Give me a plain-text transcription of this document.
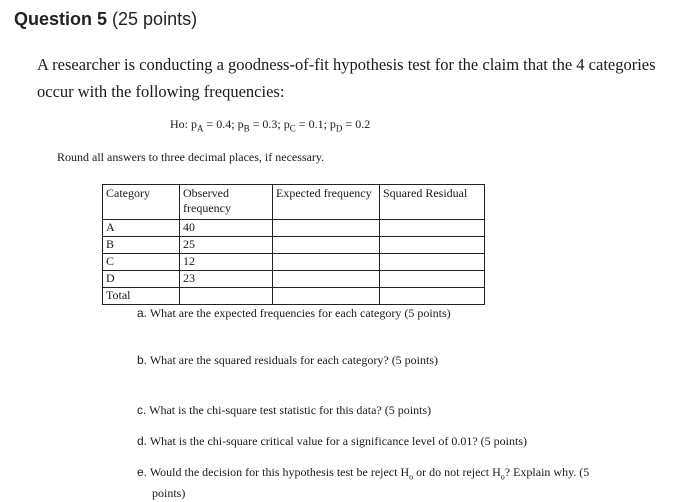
Question 5 (25 points)
A researcher is conducting a goodness-of-fit hypothesis test for the claim that the 4 categories occur with the following frequencies:
Ho: $p_A = 0.4$; $p_B = 0.3$; $p_C = 0.1$; $p_D = 0.2$
Round all answers to three decimal places, if necessary.
Category	Observed frequency	Expected frequency	Squared Residual
A	40		
B	25		
C	12		
D	23		
Total			
a. What are the expected frequencies for each category (5 points)
b. What are the squared residuals for each category? (5 points)
c. What is the chi-square test statistic for this data? (5 points)
d. What is the chi-square critical value for a significance level of 0.01? (5 points)
e. Would the decision for this hypothesis test be reject $H_o$ or do not reject $H_o$? Explain why. (5
points)
